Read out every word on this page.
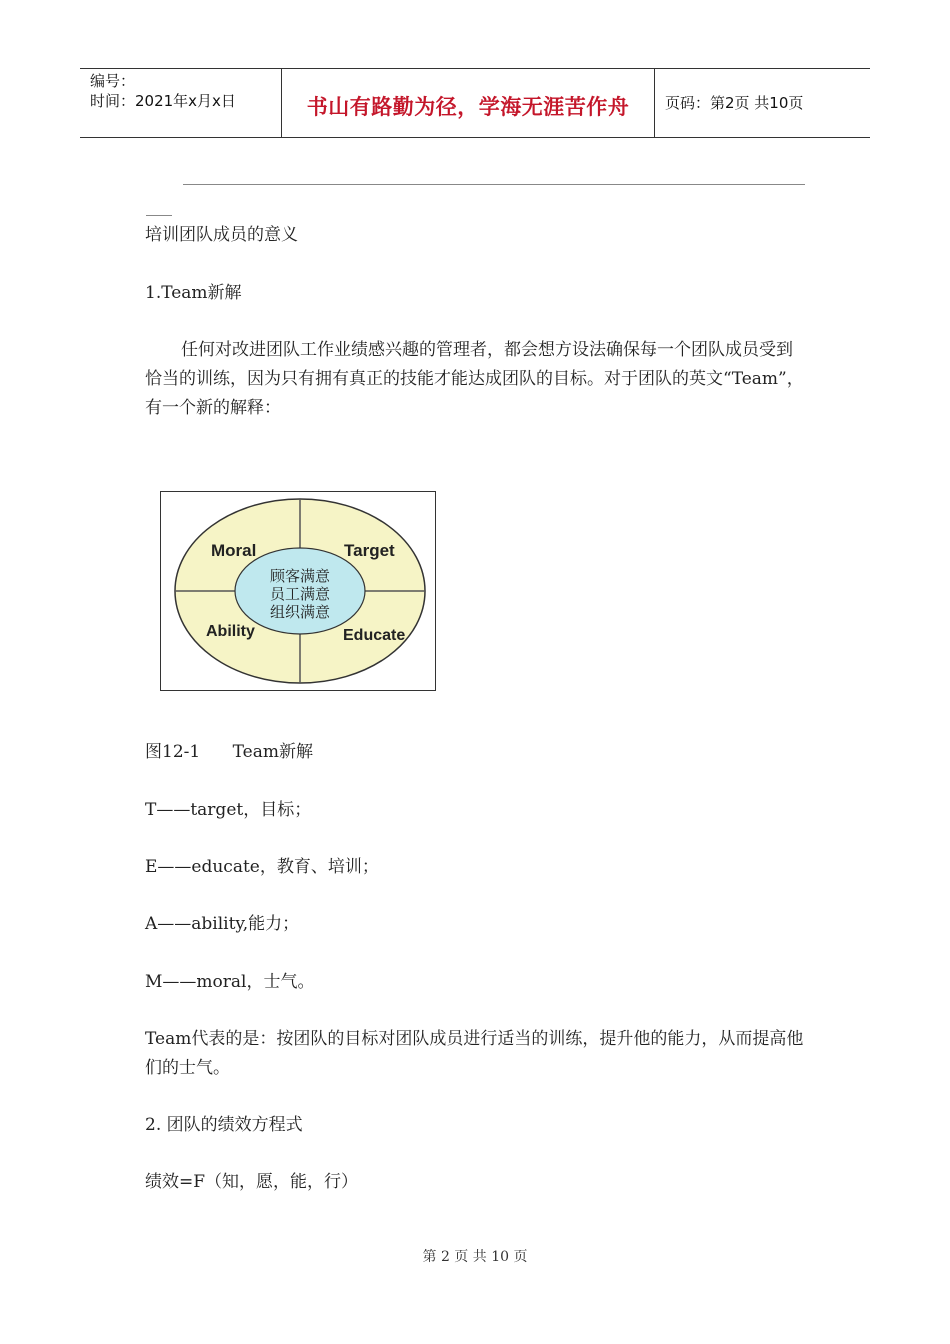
编号：
时间：2021年x月x日	书山有路勤为径，学海无涯苦作舟	页码：第2页 共10页
培训团队成员的意义
1.Team新解
任何对改进团队工作业绩感兴趣的管理者，都会想方设法确保每一个团队成员受到恰当的训练，因为只有拥有真正的技能才能达成团队的目标。对于团队的英文“Team”，有一个新的解释：
Moral	Target
Ability	Educate
顾客满意
员工满意
组织满意
图12-1      Team新解
T——target，目标；
E——educate，教育、培训；
A——ability,能力；
M——moral，士气。
Team代表的是：按团队的目标对团队成员进行适当的训练，提升他的能力，从而提高他们的士气。
2. 团队的绩效方程式
绩效=F（知，愿，能，行）
第 2 页 共 10 页
